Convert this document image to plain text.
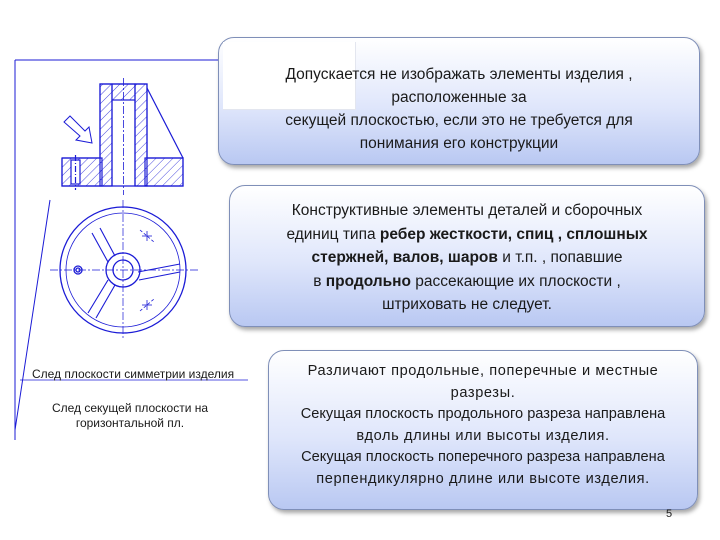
Допускается не изображать элементы изделия ,

расположенные за

секущей плоскостью, если это не требуется для

понимания его конструкции

Конструктивные элементы деталей и сборочных

единиц типа ребер жесткости, спиц , сплошных

стержней, валов, шаров и т.п. , попавшие

в продольно рассекающие их плоскости ,

штриховать не следует.

Различают продольные, поперечные и местные

разрезы.

Секущая плоскость продольного разреза направлена

вдоль длины или высоты изделия.

Секущая плоскость поперечного разреза направлена

перпендикулярно длине или высоте изделия.

След плоскости симметрии изделия
След секущей плоскости на горизонтальной пл.
5
